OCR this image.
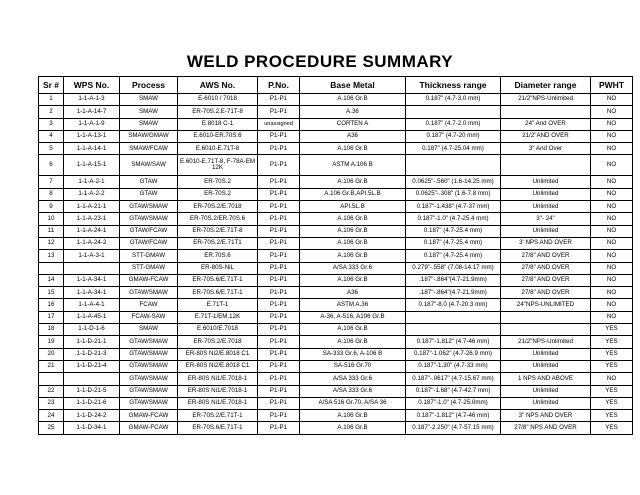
WELD PROCEDURE SUMMARY
Sr #	WPS No.	Process	AWS No.	P.No.	Base Metal	Thickness range	Diameter range	PWHT
1	1-1-A-1-3	SMAW	E-6010 / 7018	P1-P1	A.106 Gr.B	0.187" (4.7-3.0 mm)	21/2"NPS-Unlimited	NO
2	1-1-A-14-7	SMAW	ER-70S.2,E-71T-8	P1-P1	A.36			NO
3	1-1-A-1-9	SMAW	E.8018 C-1	unassigned	CORTEN A	0.187" (4.7-2.0 mm)	24" And OVER	NO
4	1-1-A-13-1	SMAW/GMAW	E.6010-ER.70S.6	P1-P1	A36	0.187" (4.7-20 mm)	21/2"AND OVER	NO
5	1-1-A-14-1	SMAW/FCAW	E.6010-E.71T-8	P1-P1	A.106 Gr.B	0.187" (4.7-25.04 mm)	3" And Over	NO
6	1-1-A-15-1	SMAW/SAW	E.6010-E.71T-8, F-78A-EM 12K	P1-P1	ASTM A.106 B			NO
7	1-1-A-2-1	GTAW	ER-70S.2	P1-P1	A.106 Gr.B	0.0625"-.560" (1.6-14.25 mm)	Unlimited	NO
8	1-1-A-2-2	GTAW	ER-70S.2	P1-P1	A.106 Gr.B,API.5L.B	0.0625"-.308" (1.6-7.8 mm)	Unlimited	NO
9	1-1-A-21-1	GTAW/SMAW	ER-70S.2/E.7018	P1-P1	API.5L.B	0.187"-1.438" (4.7-37 mm)	Unlimited	NO
10	1-1-A-23-1	GTAW/SMAW	ER-70S.2/ER.70S.6	P1-P1	A.106 Gr.B	0.187"-1.0" (4.7-25.4 mm)	3"- 24"	NO
11	1-1-A-24-1	GTAW/FCAW	ER-70S.2/E.71T-8	P1-P1	A.106 Gr.B	0.187" (4.7-25.4 mm)	Unlimited	NO
12	1-1-A-24-2	GTAW/FCAW	ER-70S.2/E.71T1	P1-P1	A.106 Gr.B	0.187" (4.7-25.4 mm)	3' NPS AND OVER	NO
13	1-1-A-3-1	STT-GMAW	ER.70S.6	P1-P1	A.106 Gr.B	0.187" (4.7-25.4 mm)	27/8" AND OVER	NO
		STT-GMAW	ER-80S-NiL	P1-P1	A/SA 333 Gr.6	0.279"-.558" (7.08-14.17 mm)	27/8" AND OVER	NO
14	1-1-A-34-1	GMAW-FCAW	ER-70S.6/E.71T-1	P1-P1	A.106 Gr.B	.187"-.864"(4.7-21.9mm)	27/8" AND OVER	NO
15	1-1-A-34-1	GTAW/SMAW	ER-70S.6/E.71T-1	P1-P1	A36	.187"-.864"(4.7-21.9mm)	27/8" AND OVER	NO
16	1-1-A-4-1	FCAW	E.71T-1	P1-P1	ASTM A.36	0.187"-8.0 (4.7-20.3 mm)	24"NPS-UNLIMITED	NO
17	1-1-A-45-1	FCAW-SAW	E.71T-1/EM.12K	P1-P1	A-36, A-516, A106 Gr.B			NO
18	1-1-D-1-6	SMAW	E.6010/E.7018	P1-P1	A.106 Gr.B			YES
19	1-1-D-21-1	GTAW/SMAW	ER-70S.2/E.7018	P1-P1	A.106 Gr.B	0.187"-1.812" (4.7-46 mm)	21/2"NPS-Unlimited	YES
20	1-1-D-21-3	GTAW/SMAW	ER-80S Ni2/E.8018 C1	P1-P1	SA-333 Gr.6, A-106 B	0.187"-1.062" (4.7-26.9 mm)	Unlimited	YES
21	1-1-D-21-4	GTAW/SMAW	ER-80S Ni2/E.8018 C1	P1-P1	SA-516 Gr.70	0.187"-1.30" (4.7-33 mm)	Unlimited	YES
		GTAW/SMAW	ER-80S Ni1/E.7018-1	P1-P1	A/SA 333 Gr.6	0.187"-.0617" (4.7-15.67 mm)	1 NPS AND ABOVE	NO
22	1-1-D-21-5	GTAW/SMAW	ER-80S Ni1/E.7018-1	P1-P1	A/SA 333 Gr.6	0.187"-1.68" (4.7-42.7 mm)	Unlimited	YES
23	1-1-D-21-6	GTAW/SMAW	ER-80S Ni1/E.7018-1	P1-P1	A/SA 516 Gr.70, A/SA 36	0.187"-1.0" (4.7-25.0mm)	Unlimited	YES
24	1-1-D-24-2	GMAW-FCAW	ER-70S.2/E.71T-1	P1-P1	A.106 Gr.B	0.187"-1.812" (4.7-46 mm)	3" NPS AND OVER	YES
25	1-1-D-34-1	GMAW-FCAW	ER-70S.6/E.71T-1	P1-P1	A.106 Gr.B	0.187"-2.250" (4.7-57.15 mm)	27/8" NPS AND OVER	YES
